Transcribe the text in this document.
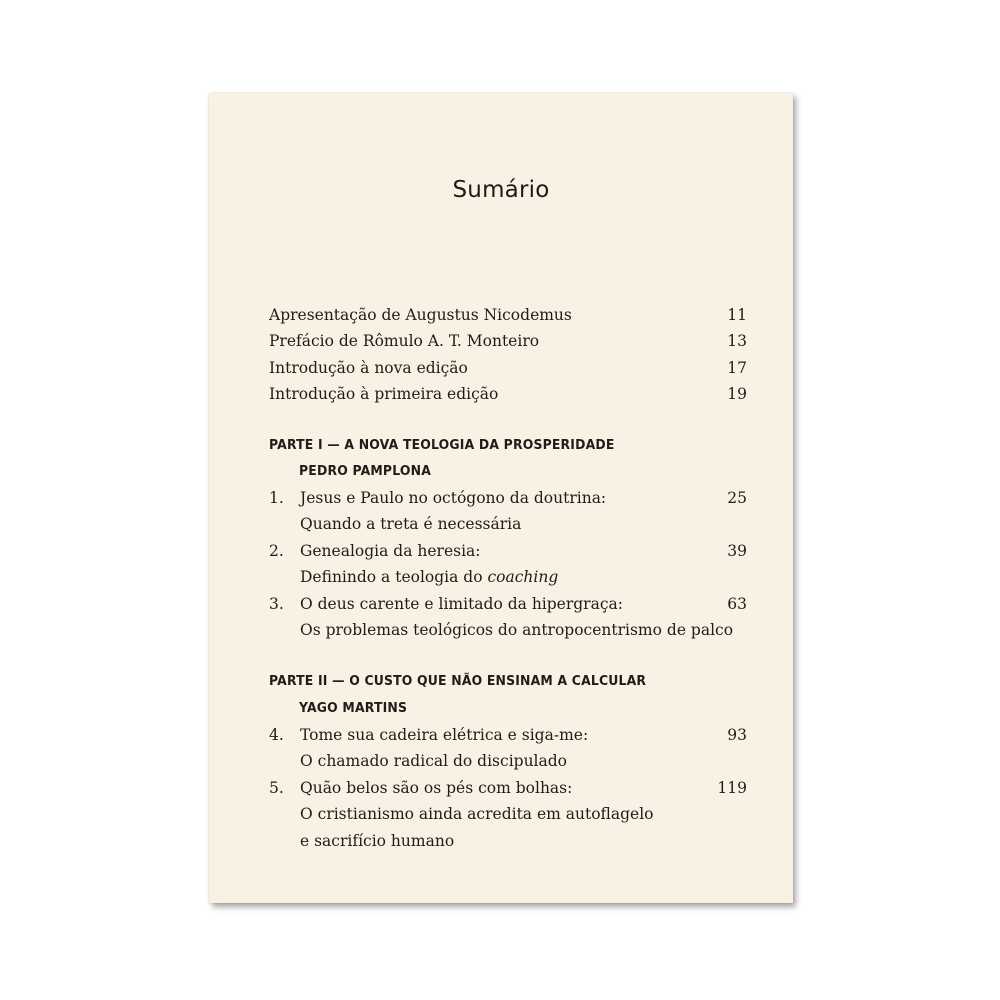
Sumário
Apresentação de Augustus Nicodemus	11
Prefácio de Rômulo A. T. Monteiro	13
Introdução à nova edição	17
Introdução à primeira edição	19
PARTE I — A NOVA TEOLOGIA DA PROSPERIDADE
PEDRO PAMPLONA
1. Jesus e Paulo no octógono da doutrina:	25
Quando a treta é necessária
2. Genealogia da heresia:	39
Definindo a teologia do coaching
3. O deus carente e limitado da hipergraça:	63
Os problemas teológicos do antropocentrismo de palco
PARTE II — O CUSTO QUE NÃO ENSINAM A CALCULAR
YAGO MARTINS
4. Tome sua cadeira elétrica e siga-me:	93
O chamado radical do discipulado
5. Quão belos são os pés com bolhas:	119
O cristianismo ainda acredita em autoflagelo
e sacrifício humano
